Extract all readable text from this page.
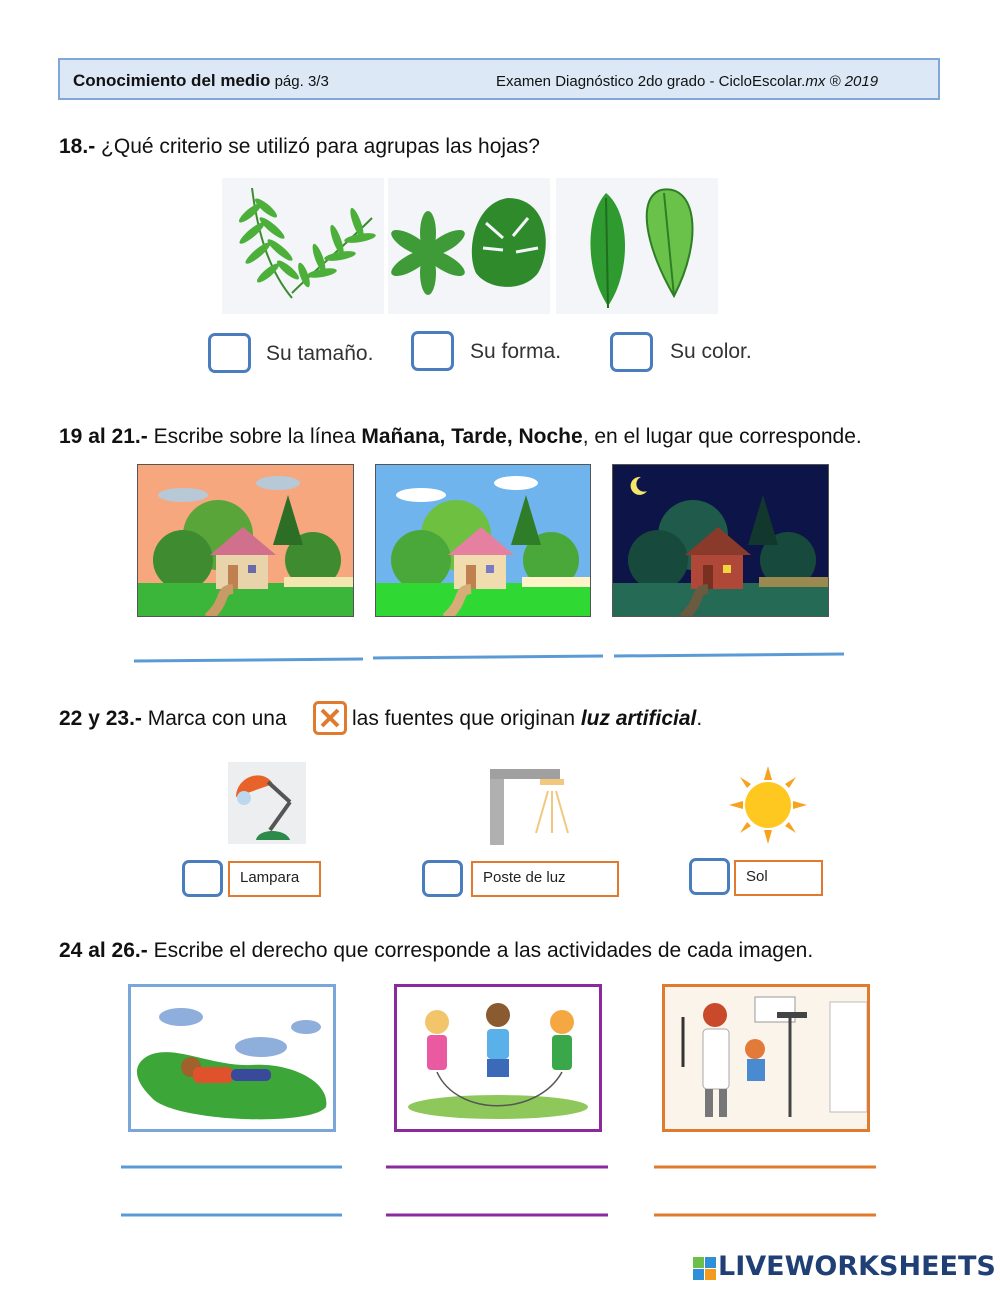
Conocimiento del medio pág. 3/3	Examen Diagnóstico 2do grado - CicloEscolar.mx ® 2019
18.- ¿Qué criterio se utilizó para agrupas las hojas?
Su tamaño.	Su forma.	Su color.
19 al 21.- Escribe sobre la línea Mañana, Tarde, Noche, en el lugar que corresponde.
22 y 23.- Marca con una	las fuentes que originan luz artificial.
Lampara	Poste de luz	Sol
24 al 26.- Escribe el derecho que corresponde a las actividades de cada imagen.
LIVEWORKSHEETS
